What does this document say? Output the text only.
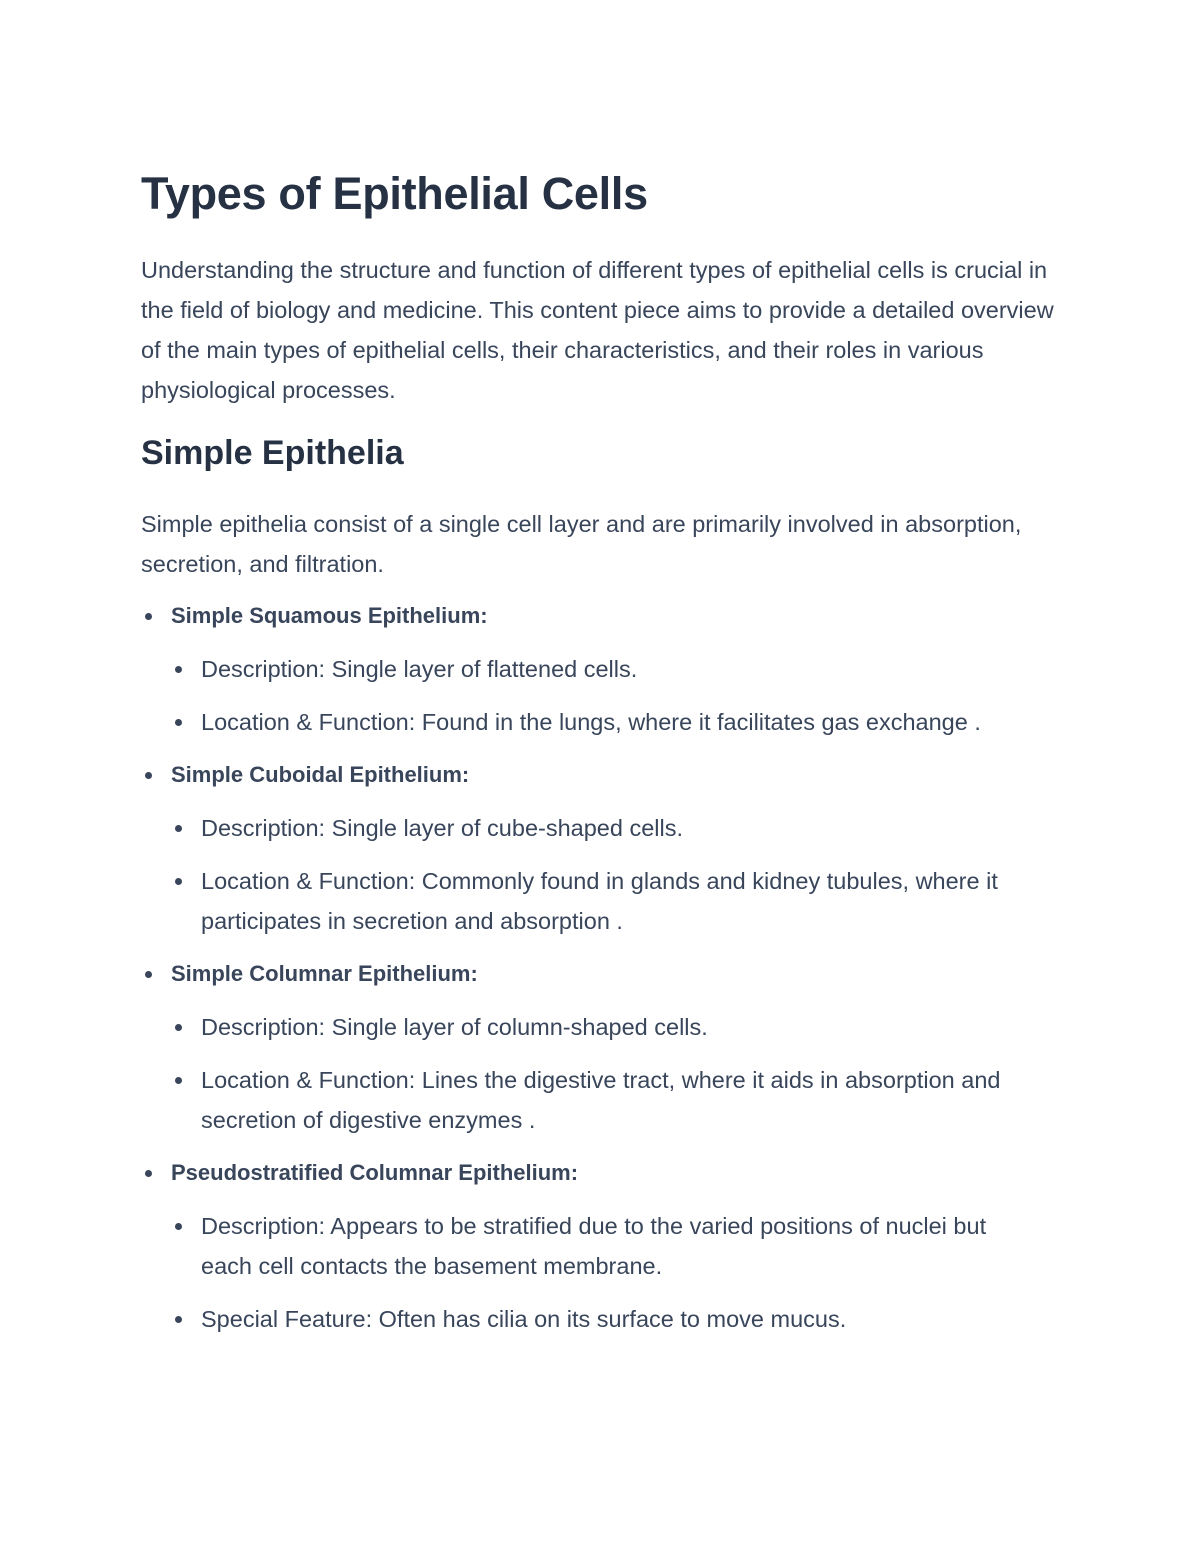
Types of Epithelial Cells

Understanding the structure and function of different types of epithelial cells is crucial in the field of biology and medicine. This content piece aims to provide a detailed overview of the main types of epithelial cells, their characteristics, and their roles in various physiological processes.

Simple Epithelia

Simple epithelia consist of a single cell layer and are primarily involved in absorption, secretion, and filtration.

Simple Squamous Epithelium:
Description: Single layer of flattened cells.
Location & Function: Found in the lungs, where it facilitates gas exchange .
Simple Cuboidal Epithelium:
Description: Single layer of cube-shaped cells.
Location & Function: Commonly found in glands and kidney tubules, where it participates in secretion and absorption .
Simple Columnar Epithelium:
Description: Single layer of column-shaped cells.
Location & Function: Lines the digestive tract, where it aids in absorption and secretion of digestive enzymes .
Pseudostratified Columnar Epithelium:
Description: Appears to be stratified due to the varied positions of nuclei but each cell contacts the basement membrane.
Special Feature: Often has cilia on its surface to move mucus.
